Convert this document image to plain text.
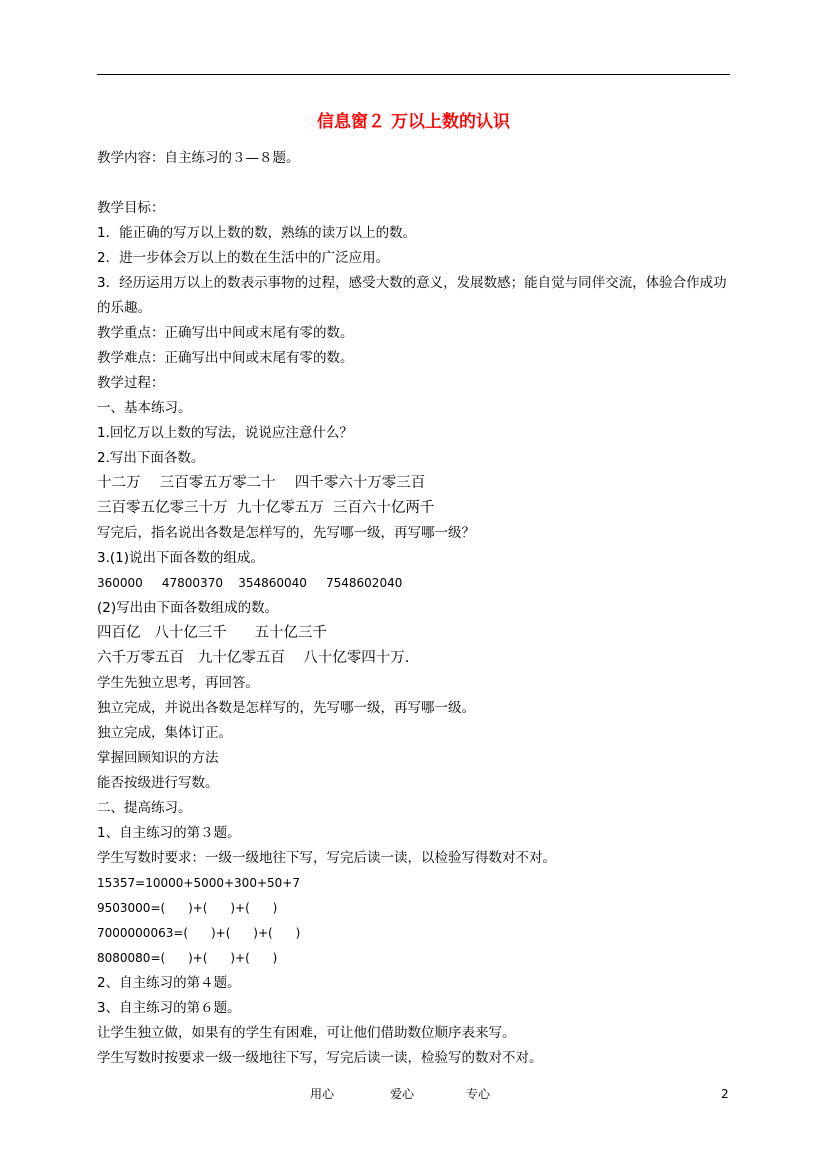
信息窗２ 万以上数的认识
教学内容：自主练习的３—８题。
教学目标：
1．能正确的写万以上数的数，熟练的读万以上的数。
2．进一步体会万以上的数在生活中的广泛应用。
3．经历运用万以上的数表示事物的过程，感受大数的意义，发展数感；能自觉与同伴交流，体验合作成功的乐趣。
教学重点：正确写出中间或末尾有零的数。
教学难点：正确写出中间或末尾有零的数。
教学过程：
一、基本练习。
1.回忆万以上数的写法，说说应注意什么？
2.写出下面各数。
十二万　 三百零五万零二十　 四千零六十万零三百
三百零五亿零三十万  九十亿零五万  三百六十亿两千
写完后，指名说出各数是怎样写的，先写哪一级，再写哪一级？
3.(1)说出下面各数的组成。
360000     47800370    354860040     7548602040
(2)写出由下面各数组成的数。
四百亿   八十亿三千      五十亿三千
六千万零五百   九十亿零五百    八十亿零四十万.
学生先独立思考，再回答。
独立完成，并说出各数是怎样写的，先写哪一级，再写哪一级。
独立完成，集体订正。
掌握回顾知识的方法
能否按级进行写数。
二、提高练习。
1、自主练习的第３题。
学生写数时要求：一级一级地往下写，写完后读一读，以检验写得数对不对。
15357=10000+5000+300+50+7
9503000=(      )+(      )+(      )
7000000063=(      )+(      )+(      )
8080080=(      )+(      )+(      )
2、自主练习的第４题。
3、自主练习的第６题。
让学生独立做，如果有的学生有困难，可让他们借助数位顺序表来写。
学生写数时按要求一级一级地往下写，写完后读一读，检验写的数对不对。
用心	爱心	专心	2
